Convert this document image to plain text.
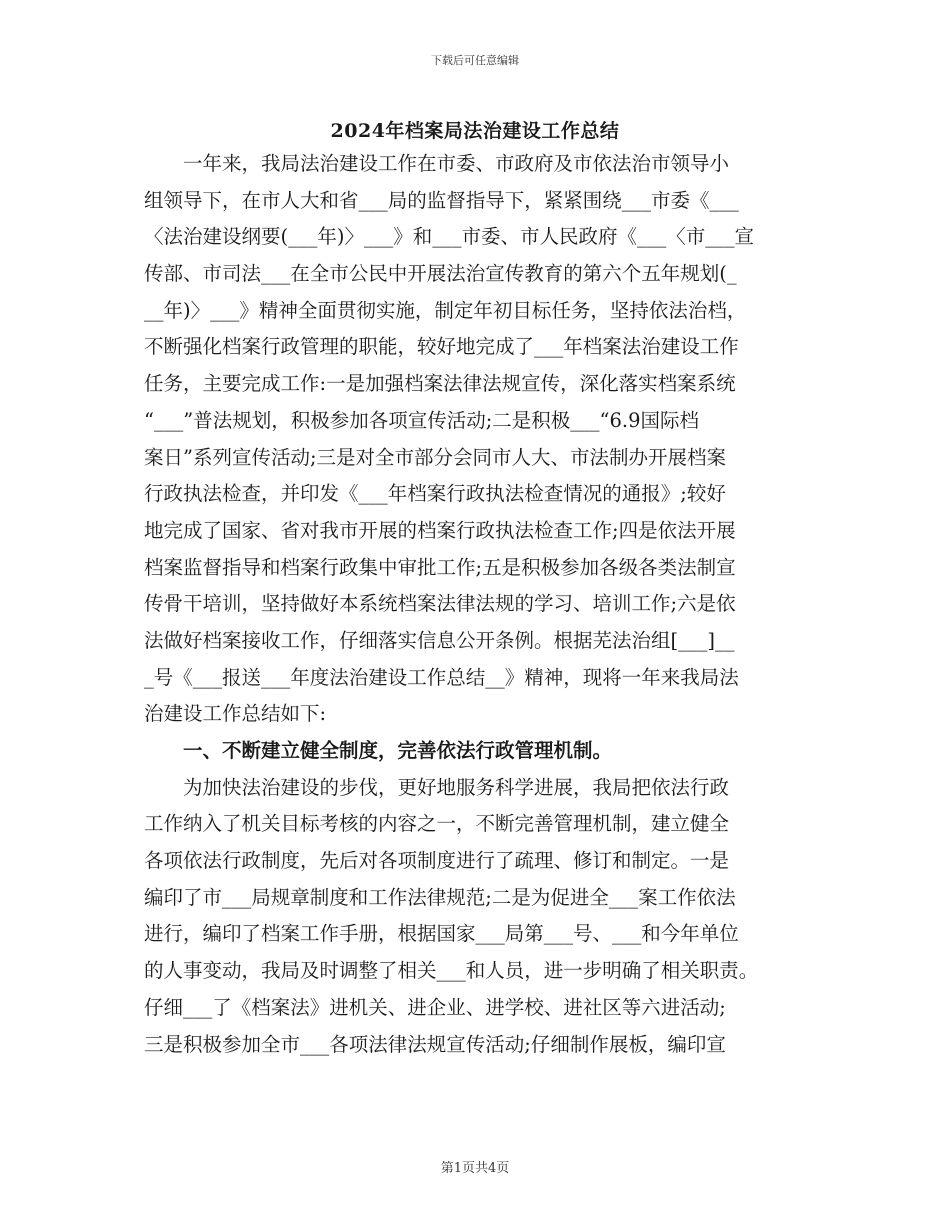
下载后可任意编辑
2024年档案局法治建设工作总结
一年来，我局法治建设工作在市委、市政府及市依法治市领导小
组领导下，在市人大和省___局的监督指导下，紧紧围绕___市委《___
〈法治建设纲要(___年)〉___》和___市委、市人民政府《___〈市___宣
传部、市司法___在全市公民中开展法治宣传教育的第六个五年规划(_
__年)〉___》精神全面贯彻实施，制定年初目标任务，坚持依法治档，
不断强化档案行政管理的职能，较好地完成了___年档案法治建设工作
任务，主要完成工作:一是加强档案法律法规宣传，深化落实档案系统
“___”普法规划，积极参加各项宣传活动;二是积极___“6.9国际档
案日”系列宣传活动;三是对全市部分会同市人大、市法制办开展档案
行政执法检查，并印发《___年档案行政执法检查情况的通报》;较好
地完成了国家、省对我市开展的档案行政执法检查工作;四是依法开展
档案监督指导和档案行政集中审批工作;五是积极参加各级各类法制宣
传骨干培训，坚持做好本系统档案法律法规的学习、培训工作;六是依
法做好档案接收工作，仔细落实信息公开条例。根据芜法治组[___]__
_号《___报送___年度法治建设工作总结__》精神，现将一年来我局法
治建设工作总结如下:
一、不断建立健全制度，完善依法行政管理机制。
为加快法治建设的步伐，更好地服务科学进展，我局把依法行政
工作纳入了机关目标考核的内容之一，不断完善管理机制，建立健全
各项依法行政制度，先后对各项制度进行了疏理、修订和制定。一是
编印了市___局规章制度和工作法律规范;二是为促进全___案工作依法
进行，编印了档案工作手册，根据国家___局第___号、___和今年单位
的人事变动，我局及时调整了相关___和人员，进一步明确了相关职责。
仔细___了《档案法》进机关、进企业、进学校、进社区等六进活动;
三是积极参加全市___各项法律法规宣传活动;仔细制作展板，编印宣
第1页共4页
